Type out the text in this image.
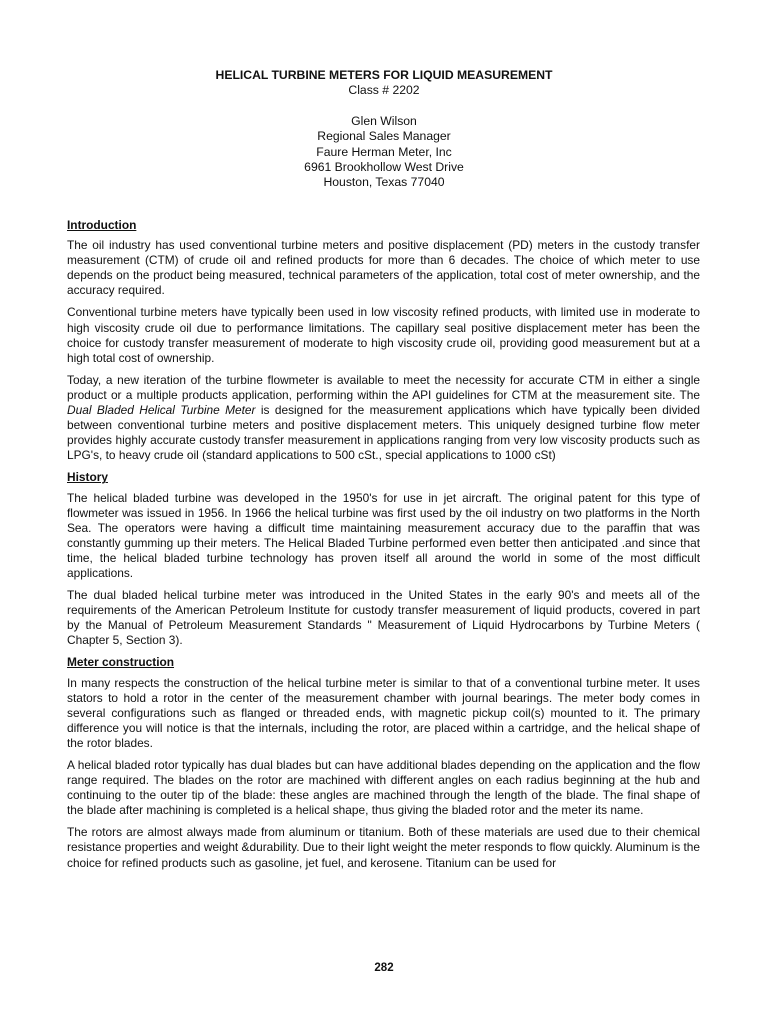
HELICAL TURBINE METERS FOR LIQUID MEASUREMENT
Class # 2202
Glen Wilson
Regional Sales Manager
Faure Herman Meter, Inc
6961 Brookhollow West Drive
Houston, Texas 77040
Introduction

The oil industry has used conventional turbine meters and positive displacement (PD) meters in the custody transfer measurement (CTM) of crude oil and refined products for more than 6 decades. The choice of which meter to use depends on the product being measured, technical parameters of the application, total cost of meter ownership, and the accuracy required.

Conventional turbine meters have typically been used in low viscosity refined products, with limited use in moderate to high viscosity crude oil due to performance limitations. The capillary seal positive displacement meter has been the choice for custody transfer measurement of moderate to high viscosity crude oil, providing good measurement but at a high total cost of ownership.

Today, a new iteration of the turbine flowmeter is available to meet the necessity for accurate CTM in either a single product or a multiple products application, performing within the API guidelines for CTM at the measurement site. The Dual Bladed Helical Turbine Meter is designed for the measurement applications which have typically been divided between conventional turbine meters and positive displacement meters. This uniquely designed turbine flow meter provides highly accurate custody transfer measurement in applications ranging from very low viscosity products such as LPG's, to heavy crude oil (standard applications to 500 cSt., special applications to 1000 cSt)

History

The helical bladed turbine was developed in the 1950's for use in jet aircraft. The original patent for this type of flowmeter was issued in 1956. In 1966 the helical turbine was first used by the oil industry on two platforms in the North Sea. The operators were having a difficult time maintaining measurement accuracy due to the paraffin that was constantly gumming up their meters. The Helical Bladed Turbine performed even better then anticipated .and since that time, the helical bladed turbine technology has proven itself all around the world in some of the most difficult applications.

The dual bladed helical turbine meter was introduced in the United States in the early 90's and meets all of the requirements of the American Petroleum Institute for custody transfer measurement of liquid products, covered in part by the Manual of Petroleum Measurement Standards " Measurement of Liquid Hydrocarbons by Turbine Meters ( Chapter 5, Section 3).

Meter construction

In many respects the construction of the helical turbine meter is similar to that of a conventional turbine meter. It uses stators to hold a rotor in the center of the measurement chamber with journal bearings. The meter body comes in several configurations such as flanged or threaded ends, with magnetic pickup coil(s) mounted to it. The primary difference you will notice is that the internals, including the rotor, are placed within a cartridge, and the helical shape of the rotor blades.

A helical bladed rotor typically has dual blades but can have additional blades depending on the application and the flow range required. The blades on the rotor are machined with different angles on each radius beginning at the hub and continuing to the outer tip of the blade: these angles are machined through the length of the blade. The final shape of the blade after machining is completed is a helical shape, thus giving the bladed rotor and the meter its name.

The rotors are almost always made from aluminum or titanium. Both of these materials are used due to their chemical resistance properties and weight &durability. Due to their light weight the meter responds to flow quickly. Aluminum is the choice for refined products such as gasoline, jet fuel, and kerosene. Titanium can be used for

282
